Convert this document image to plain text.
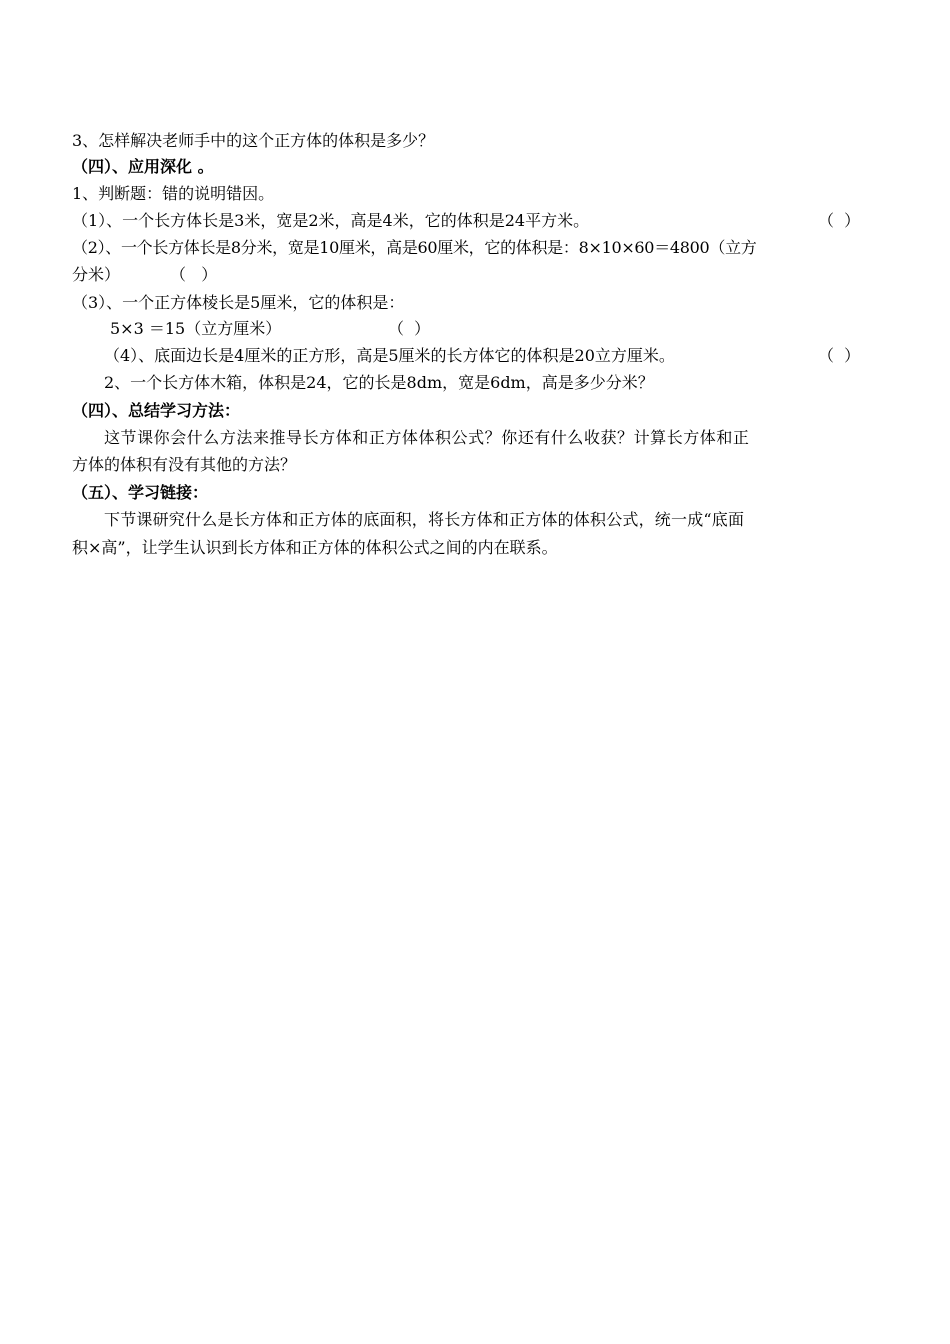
3、怎样解决老师手中的这个正方体的体积是多少？
（四）、应用深化 。
1、判断题：错的说明错因。
（1）、一个长方体长是3米，宽是2米，高是4米，它的体积是24平方米。	（  ）
（2）、一个长方体长是8分米，宽是10厘米，高是60厘米，它的体积是：8×10×60＝4800（立方
分米）	（   ）
（3）、一个正方体棱长是5厘米，它的体积是：
5×3 ＝15（立方厘米）	（  ）
（4）、底面边长是4厘米的正方形，高是5厘米的长方体它的体积是20立方厘米。	（  ）
2、一个长方体木箱，体积是24，它的长是8dm，宽是6dm，高是多少分米？
（四）、总结学习方法：
这节课你会什么方法来推导长方体和正方体体积公式？你还有什么收获？计算长方体和正
方体的体积有没有其他的方法？
（五）、学习链接：
下节课研究什么是长方体和正方体的底面积，将长方体和正方体的体积公式，统一成“底面
积×高”，让学生认识到长方体和正方体的体积公式之间的内在联系。
